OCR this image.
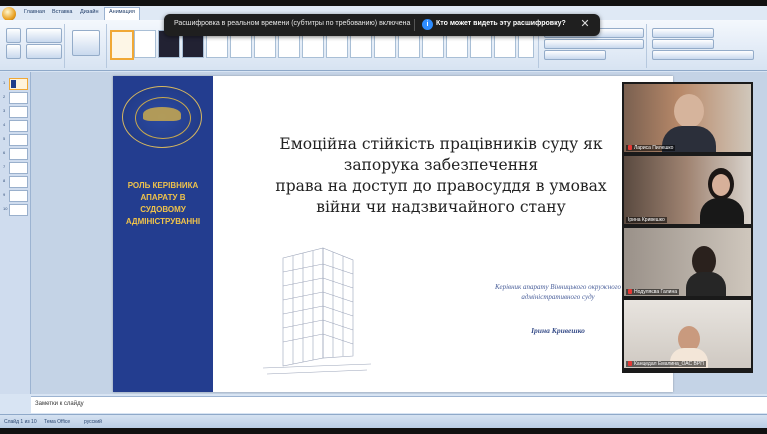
Главная	Вставка	Дизайн	Анимация
Расшифровка в реальном времени (субтитры по требованию) включена	i	Кто может видеть эту расшифровку? ✕
1
2
3
4
5
6
7
8
9
10
РОЛЬ КЕРІВНИКА АПАРАТУ В СУДОВОМУ АДМІНІСТРУВАННІ
Емоційна стійкість працівників суду як
запорука забезпечення
права на доступ до правосуддя в умовах
війни чи надзвичайного стану
Керівник апарату Вінницького окружного адміністративного суду
Ірина Кривешко
Лариса Пилешко
Ірина Кривешко
Нодуляєва Галина
Канцедал Емалина_ОАС ВРП
Заметки к слайду
Слайд 1 из 10 Тема Office	русский
